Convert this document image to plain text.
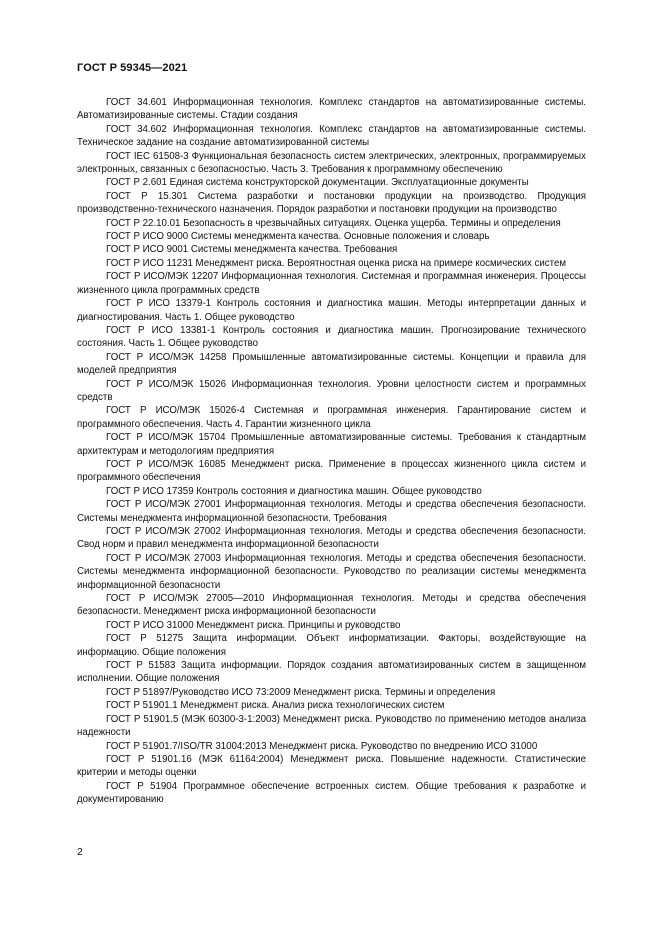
ГОСТ Р 59345—2021

ГОСТ 34.601 Информационная технология. Комплекс стандартов на автоматизированные системы. Автоматизированные системы. Стадии создания

ГОСТ 34.602 Информационная технология. Комплекс стандартов на автоматизированные системы. Техническое задание на создание автоматизированной системы

ГОСТ IEC 61508-3 Функциональная безопасность систем электрических, электронных, программируемых электронных, связанных с безопасностью. Часть 3. Требования к программному обеспечению

ГОСТ Р 2.601 Единая система конструкторской документации. Эксплуатационные документы

ГОСТ Р 15.301 Система разработки и постановки продукции на производство. Продукция производственно-технического назначения. Порядок разработки и постановки продукции на производство

ГОСТ Р 22.10.01 Безопасность в чрезвычайных ситуациях. Оценка ущерба. Термины и определения

ГОСТ Р ИСО 9000 Системы менеджмента качества. Основные положения и словарь

ГОСТ Р ИСО 9001 Системы менеджмента качества. Требования

ГОСТ Р ИСО 11231 Менеджмент риска. Вероятностная оценка риска на примере космических систем

ГОСТ Р ИСО/МЭК 12207 Информационная технология. Системная и программная инженерия. Процессы жизненного цикла программных средств

ГОСТ Р ИСО 13379-1 Контроль состояния и диагностика машин. Методы интерпретации данных и диагностирования. Часть 1. Общее руководство

ГОСТ Р ИСО 13381-1 Контроль состояния и диагностика машин. Прогнозирование технического состояния. Часть 1. Общее руководство

ГОСТ Р ИСО/МЭК 14258 Промышленные автоматизированные системы. Концепции и правила для моделей предприятия

ГОСТ Р ИСО/МЭК 15026 Информационная технология. Уровни целостности систем и программных средств

ГОСТ Р ИСО/МЭК 15026-4 Системная и программная инженерия. Гарантирование систем и программного обеспечения. Часть 4. Гарантии жизненного цикла

ГОСТ Р ИСО/МЭК 15704 Промышленные автоматизированные системы. Требования к стандартным архитектурам и методологиям предприятия

ГОСТ Р ИСО/МЭК 16085 Менеджмент риска. Применение в процессах жизненного цикла систем и программного обеспечения

ГОСТ Р ИСО 17359 Контроль состояния и диагностика машин. Общее руководство

ГОСТ Р ИСО/МЭК 27001 Информационная технология. Методы и средства обеспечения безопасности. Системы менеджмента информационной безопасности. Требования

ГОСТ Р ИСО/МЭК 27002 Информационная технология. Методы и средства обеспечения безопасности. Свод норм и правил менеджмента информационной безопасности

ГОСТ Р ИСО/МЭК 27003 Информационная технология. Методы и средства обеспечения безопасности. Системы менеджмента информационной безопасности. Руководство по реализации системы менеджмента информационной безопасности

ГОСТ Р ИСО/МЭК 27005—2010 Информационная технология. Методы и средства обеспечения безопасности. Менеджмент риска информационной безопасности

ГОСТ Р ИСО 31000 Менеджмент риска. Принципы и руководство

ГОСТ Р 51275 Защита информации. Объект информатизации. Факторы, воздействующие на информацию. Общие положения

ГОСТ Р 51583 Защита информации. Порядок создания автоматизированных систем в защищенном исполнении. Общие положения

ГОСТ Р 51897/Руководство ИСО 73:2009 Менеджмент риска. Термины и определения

ГОСТ Р 51901.1 Менеджмент риска. Анализ риска технологических систем

ГОСТ Р 51901.5 (МЭК 60300-3-1:2003) Менеджмент риска. Руководство по применению методов анализа надежности

ГОСТ Р 51901.7/ISO/TR 31004:2013 Менеджмент риска. Руководство по внедрению ИСО 31000

ГОСТ Р 51901.16 (МЭК 61164:2004) Менеджмент риска. Повышение надежности. Статистические критерии и методы оценки

ГОСТ Р 51904 Программное обеспечение встроенных систем. Общие требования к разработке и документированию

2
